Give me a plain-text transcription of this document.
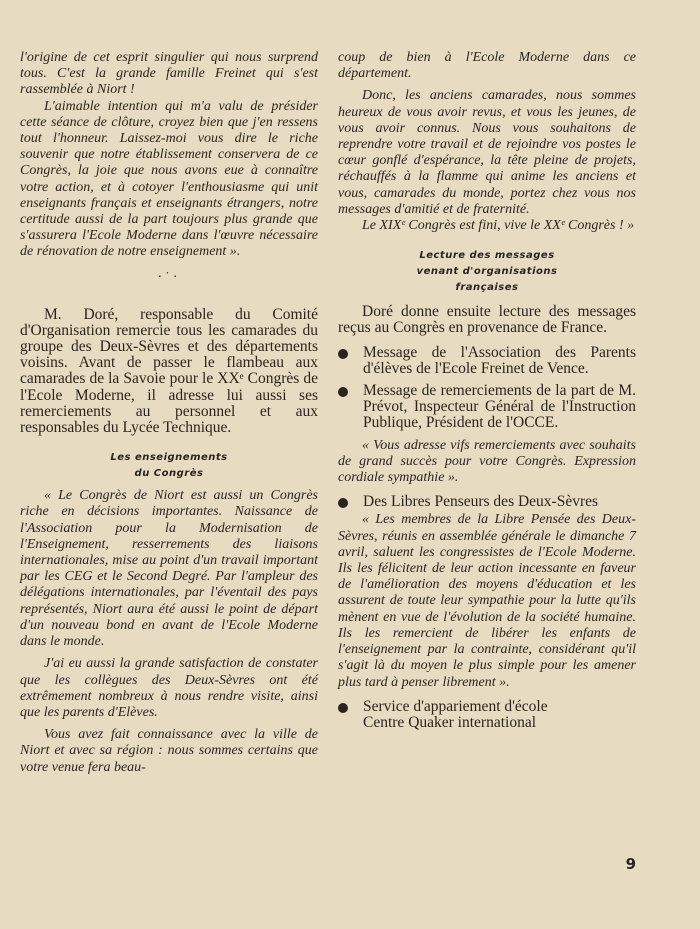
l'origine de cet esprit singulier qui nous surprend tous. C'est la grande famille Freinet qui s'est rassemblée à Niort !

L'aimable intention qui m'a valu de présider cette séance de clôture, croyez bien que j'en ressens tout l'honneur. Laissez-moi vous dire le riche souvenir que notre établissement conservera de ce Congrès, la joie que nous avons eue à connaître votre action, et à cotoyer l'enthousiasme qui unit enseignants français et enseignants étrangers, notre certitude aussi de la part toujours plus grande que s'assurera l'Ecole Moderne dans l'œuvre nécessaire de rénovation de notre enseignement ».

·˙·

M. Doré, responsable du Comité d'Organisation remercie tous les camarades du groupe des Deux-Sèvres et des départements voisins. Avant de passer le flambeau aux camarades de la Savoie pour le XXᵉ Congrès de l'Ecole Moderne, il adresse lui aussi ses remerciements au personnel et aux responsables du Lycée Technique.

Les enseignements
du Congrès

« Le Congrès de Niort est aussi un Congrès riche en décisions importantes. Naissance de l'Association pour la Modernisation de l'Enseignement, resserrements des liaisons internationales, mise au point d'un travail important par les CEG et le Second Degré. Par l'ampleur des délégations internationales, par l'éventail des pays représentés, Niort aura été aussi le point de départ d'un nouveau bond en avant de l'Ecole Moderne dans le monde.

J'ai eu aussi la grande satisfaction de constater que les collègues des Deux-Sèvres ont été extrêmement nombreux à nous rendre visite, ainsi que les parents d'Elèves.

Vous avez fait connaissance avec la ville de Niort et avec sa région : nous sommes certains que votre venue fera beau-

coup de bien à l'Ecole Moderne dans ce département.

Donc, les anciens camarades, nous sommes heureux de vous avoir revus, et vous les jeunes, de vous avoir connus. Nous vous souhaitons de reprendre votre travail et de rejoindre vos postes le cœur gonflé d'espérance, la tête pleine de projets, réchauffés à la flamme qui anime les anciens et vous, camarades du monde, portez chez vous nos messages d'amitié et de fraternité.

Le XIXᵉ Congrès est fini, vive le XXᵉ Congrès ! »

Lecture des messages
venant d'organisations
françaises

Doré donne ensuite lecture des messages reçus au Congrès en provenance de France.

Message de l'Association des Parents d'élèves de l'Ecole Freinet de Vence.

Message de remerciements de la part de M. Prévot, Inspecteur Général de l'Instruction Publique, Président de l'OCCE.

« Vous adresse vifs remerciements avec souhaits de grand succès pour votre Congrès. Expression cordiale sympathie ».

Des Libres Penseurs des Deux-Sèvres

« Les membres de la Libre Pensée des Deux-Sèvres, réunis en assemblée générale le dimanche 7 avril, saluent les congressistes de l'Ecole Moderne. Ils les félicitent de leur action incessante en faveur de l'amélioration des moyens d'éducation et les assurent de toute leur sympathie pour la lutte qu'ils mènent en vue de l'évolution de la société humaine. Ils les remercient de libérer les enfants de l'enseignement par la contrainte, considérant qu'il s'agit là du moyen le plus simple pour les amener plus tard à penser librement ».

Service d'appariement d'école

Centre Quaker international

9
